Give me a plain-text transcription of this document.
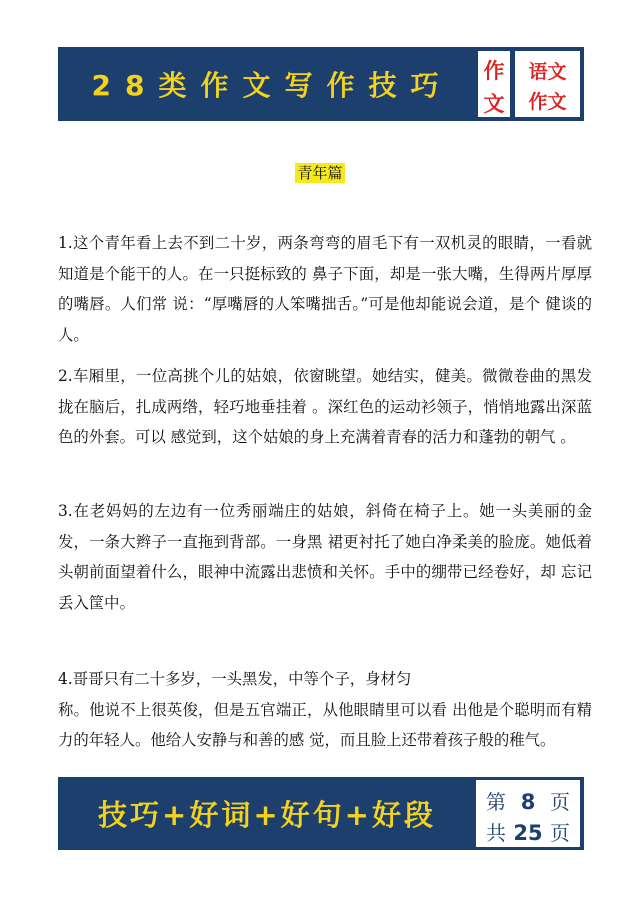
28类作文写作技巧	作
文
语文
作文
青年篇

1.这个青年看上去不到二十岁，两条弯弯的眉毛下有一双机灵的眼睛，一看就知道是个能干的人。在一只挺标致的 鼻子下面，却是一张大嘴，生得两片厚厚的嘴唇。人们常 说：“厚嘴唇的人笨嘴拙舌。”可是他却能说会道，是个 健谈的人。

2.车厢里，一位高挑个儿的姑娘，依窗眺望。她结实，健美。微微卷曲的黑发拢在脑后，扎成两绺，轻巧地垂挂着 。深红色的运动衫领子，悄悄地露出深蓝色的外套。可以 感觉到，这个姑娘的身上充满着青春的活力和蓬勃的朝气 。

3.在老妈妈的左边有一位秀丽端庄的姑娘，斜倚在椅子上。她一头美丽的金发，一条大辫子一直拖到背部。一身黑 裙更衬托了她白净柔美的脸庞。她低着头朝前面望着什么，眼神中流露出悲愤和关怀。手中的绷带已经卷好，却 忘记丢入筐中。

4.哥哥只有二十多岁，一头黑发，中等个子，身材匀
称。他说不上很英俊，但是五官端正，从他眼睛里可以看 出他是个聪明而有精力的年轻人。他给人安静与和善的感 觉，而且脸上还带着孩子般的稚气。

技巧+好词+好句+好段	第 8 页
共 25 页
